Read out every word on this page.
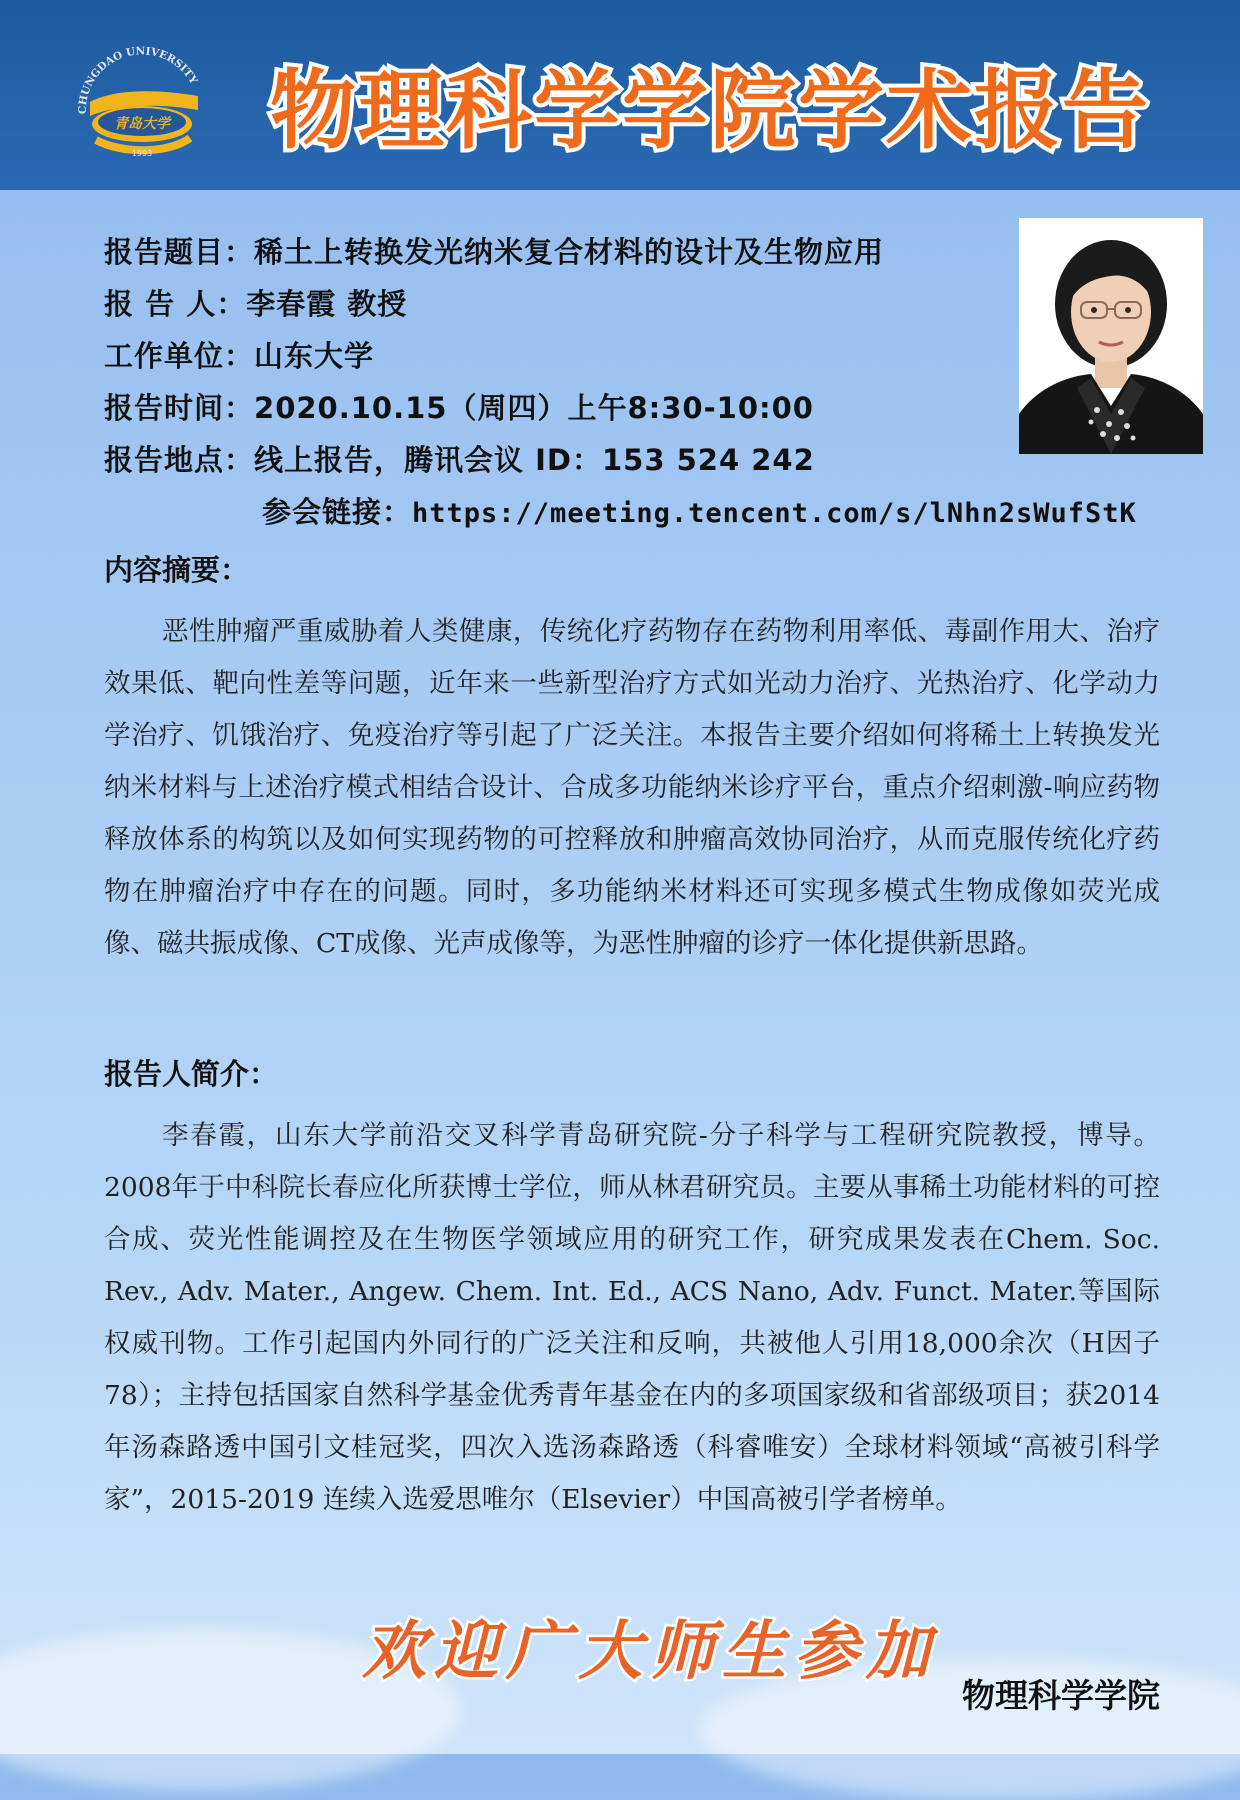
CHUNGDAO UNIVERSITY
青岛大学
1993 物理科学学院学术报告
报告题目：稀土上转换发光纳米复合材料的设计及生物应用
报 告 人：李春霞 教授
工作单位：山东大学
报告时间：2020.10.15（周四）上午8:30-10:00
报告地点：线上报告，腾讯会议 ID：153 524 242
参会链接：https://meeting.tencent.com/s/lNhn2sWufStK
内容摘要：

恶性肿瘤严重威胁着人类健康，传统化疗药物存在药物利用率低、毒副作用大、治疗效果低、靶向性差等问题，近年来一些新型治疗方式如光动力治疗、光热治疗、化学动力学治疗、饥饿治疗、免疫治疗等引起了广泛关注。本报告主要介绍如何将稀土上转换发光纳米材料与上述治疗模式相结合设计、合成多功能纳米诊疗平台，重点介绍刺激-响应药物释放体系的构筑以及如何实现药物的可控释放和肿瘤高效协同治疗，从而克服传统化疗药物在肿瘤治疗中存在的问题。同时，多功能纳米材料还可实现多模式生物成像如荧光成像、磁共振成像、CT成像、光声成像等，为恶性肿瘤的诊疗一体化提供新思路。

报告人简介：

李春霞，山东大学前沿交叉科学青岛研究院-分子科学与工程研究院教授，博导。2008年于中科院长春应化所获博士学位，师从林君研究员。主要从事稀土功能材料的可控合成、荧光性能调控及在生物医学领域应用的研究工作，研究成果发表在Chem. Soc. Rev., Adv. Mater., Angew. Chem. Int. Ed., ACS Nano, Adv. Funct. Mater.等国际权威刊物。工作引起国内外同行的广泛关注和反响，共被他人引用18,000余次（H因子78）；主持包括国家自然科学基金优秀青年基金在内的多项国家级和省部级项目；获2014年汤森路透中国引文桂冠奖，四次入选汤森路透（科睿唯安）全球材料领域“高被引科学家”，2015-2019 连续入选爱思唯尔（Elsevier）中国高被引学者榜单。

欢迎广大师生参加
物理科学学院
